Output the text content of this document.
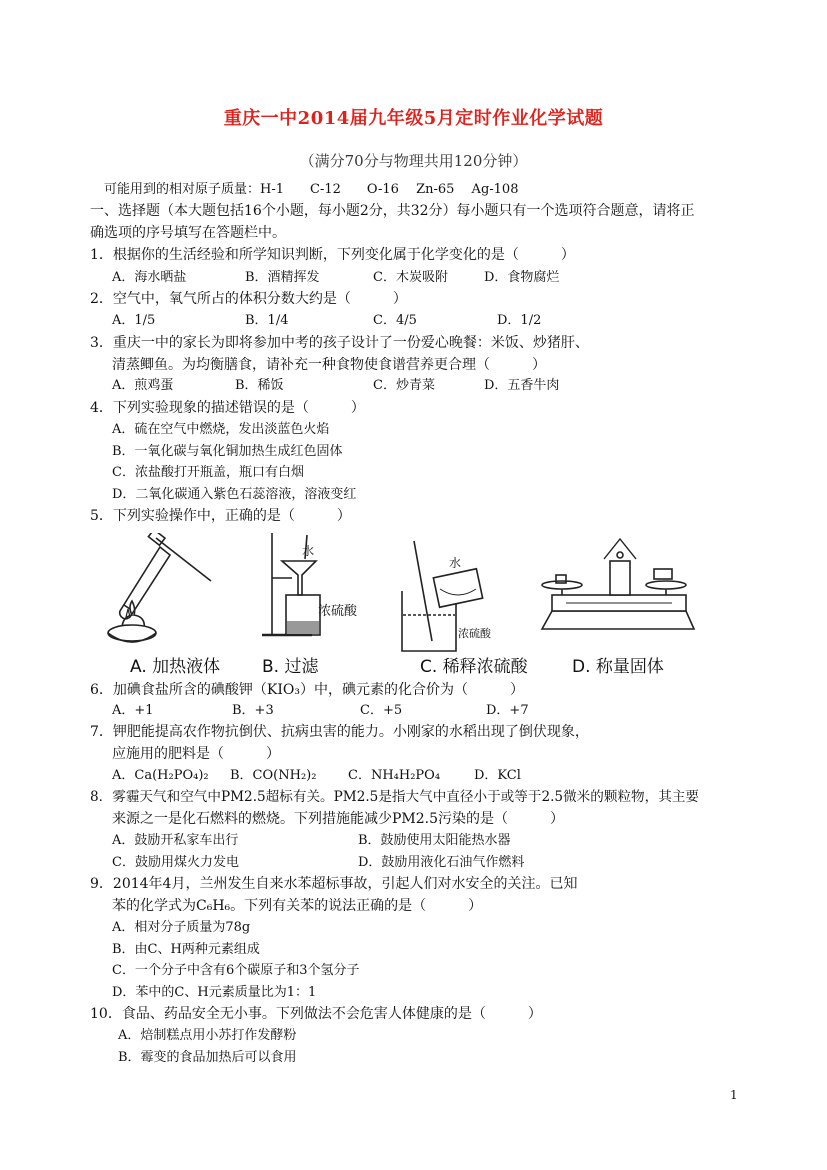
重庆一中2014届九年级5月定时作业化学试题
（满分70分与物理共用120分钟）
可能用到的相对原子质量：H-1　　C-12　　O-16　 Zn-65　 Ag-108
一、选择题（本大题包括16个小题，每小题2分，共32分）每小题只有一个选项符合题意，请将正
确选项的序号填写在答题栏中。
1．根据你的生活经验和所学知识判断，下列变化属于化学变化的是（　　　）
A．海水晒盐	B．酒精挥发	C．木炭吸附	D．食物腐烂
2．空气中，氧气所占的体积分数大约是（　　　）
A．1/5	B．1/4	C．4/5	D．1/2
3．重庆一中的家长为即将参加中考的孩子设计了一份爱心晚餐：米饭、炒猪肝、
清蒸鲫鱼。为均衡膳食，请补充一种食物使食谱营养更合理（　　　）
A．煎鸡蛋	B．稀饭	C．炒青菜	D．五香牛肉
4．下列实验现象的描述错误的是（　　　）
A．硫在空气中燃烧，发出淡蓝色火焰
B．一氧化碳与氧化铜加热生成红色固体
C．浓盐酸打开瓶盖，瓶口有白烟
D．二氧化碳通入紫色石蕊溶液，溶液变红
5．下列实验操作中，正确的是（　　　）
水
浓硫酸
水
浓硫酸
A. 加热液体 B. 过滤	C. 稀释浓硫酸	D. 称量固体
6．加碘食盐所含的碘酸钾（KIO₃）中，碘元素的化合价为（　　　）
A．+1	B．+3	C．+5	D．+7
7．钾肥能提高农作物抗倒伏、抗病虫害的能力。小刚家的水稻出现了倒伏现象，
应施用的肥料是（　　　）
A．Ca(H₂PO₄)₂ B．CO(NH₂)₂ C．NH₄H₂PO₄	D．KCl
8．雾霾天气和空气中PM2.5超标有关。PM2.5是指大气中直径小于或等于2.5微米的颗粒物，其主要
来源之一是化石燃料的燃烧。下列措施能减少PM2.5污染的是（　　　）
A．鼓励开私家车出行	B．鼓励使用太阳能热水器
C．鼓励用煤火力发电	D．鼓励用液化石油气作燃料
9．2014年4月，兰州发生自来水苯超标事故，引起人们对水安全的关注。已知
苯的化学式为C₆H₆。下列有关苯的说法正确的是（　　　）
A．相对分子质量为78g
B．由C、H两种元素组成
C．一个分子中含有6个碳原子和3个氢分子
D．苯中的C、H元素质量比为1：1
10．食品、药品安全无小事。下列做法不会危害人体健康的是（　　　）
A．焙制糕点用小苏打作发酵粉
B．霉变的食品加热后可以食用
1
